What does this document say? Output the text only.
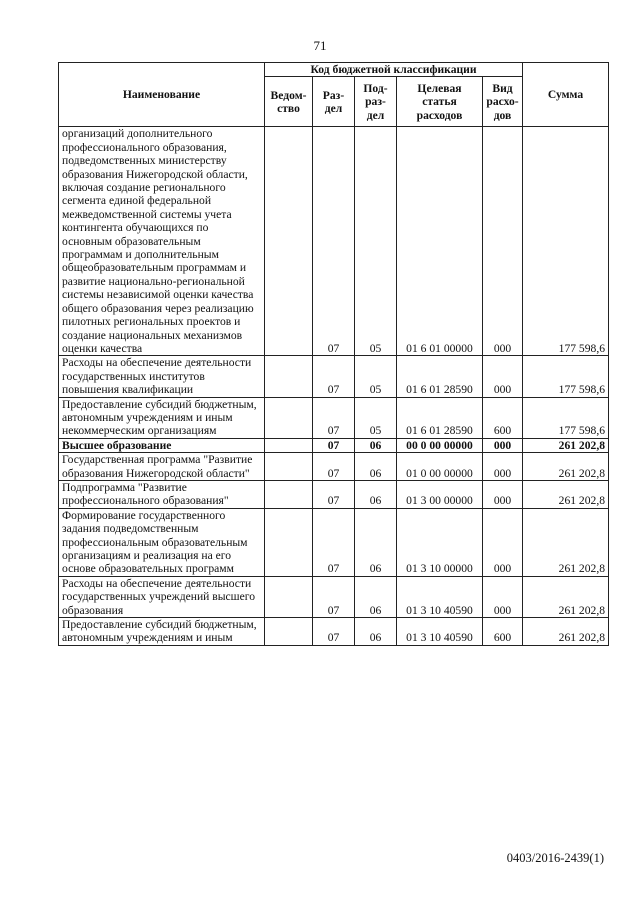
71
Наименование	Код бюджетной классификации					Сумма
	Ведом-ство	Раз-дел	Под-раз-дел	Целевая статья расходов	Вид расхо-дов	
организаций дополнительного профессионального образования, подведомственных министерству образования Нижегородской области, включая создание регионального сегмента единой федеральной межведомственной системы учета контингента обучающихся по основным образовательным программам и дополнительным общеобразовательным программам и развитие национально-региональной системы независимой оценки качества общего образования через реализацию пилотных региональных проектов и создание национальных механизмов оценки качества		07	05	01 6 01 00000	000	177 598,6
Расходы на обеспечение деятельности государственных институтов повышения квалификации		07	05	01 6 01 28590	000	177 598,6
Предоставление субсидий бюджетным, автономным учреждениям и иным некоммерческим организациям		07	05	01 6 01 28590	600	177 598,6
Высшее образование		07	06	00 0 00 00000	000	261 202,8
Государственная программа "Развитие образования Нижегородской области"		07	06	01 0 00 00000	000	261 202,8
Подпрограмма "Развитие профессионального образования"		07	06	01 3 00 00000	000	261 202,8
Формирование государственного задания подведомственным профессиональным образовательным организациям и реализация на его основе образовательных программ		07	06	01 3 10 00000	000	261 202,8
Расходы на обеспечение деятельности государственных учреждений высшего образования		07	06	01 3 10 40590	000	261 202,8
Предоставление субсидий бюджетным, автономным учреждениям и иным		07	06	01 3 10 40590	600	261 202,8
0403/2016-2439(1)
